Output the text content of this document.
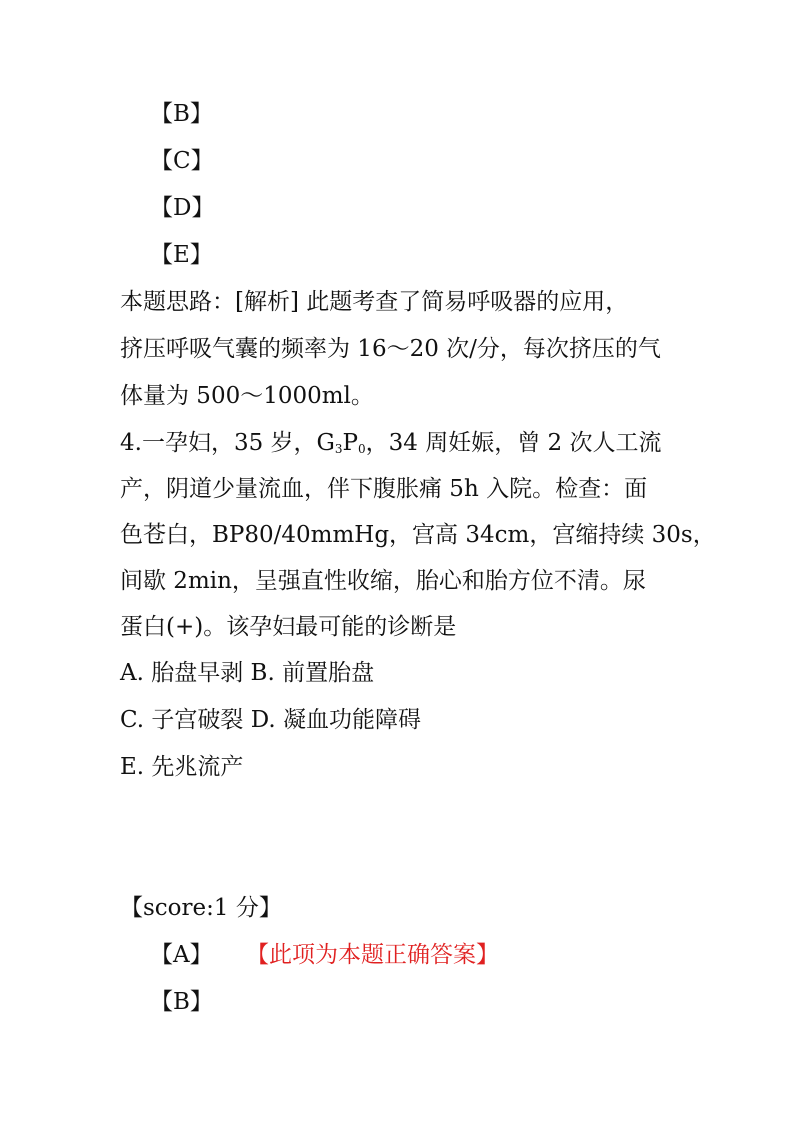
【B】
【C】
【D】
【E】
本题思路：[解析] 此题考查了简易呼吸器的应用，
挤压呼吸气囊的频率为 16～20 次/分，每次挤压的气
体量为 500～1000ml。
4.一孕妇，35 岁，$G_3P_0$，34 周妊娠，曾 2 次人工流
产，阴道少量流血，伴下腹胀痛 5h 入院。检查：面
色苍白，BP80/40mmHg，宫高 34cm，宫缩持续 30s，
间歇 2min，呈强直性收缩，胎心和胎方位不清。尿
蛋白(+)。该孕妇最可能的诊断是
A. 胎盘早剥 B. 前置胎盘
C. 子宫破裂 D. 凝血功能障碍
E. 先兆流产
【score:1 分】
【A】 【此项为本题正确答案】
【B】
